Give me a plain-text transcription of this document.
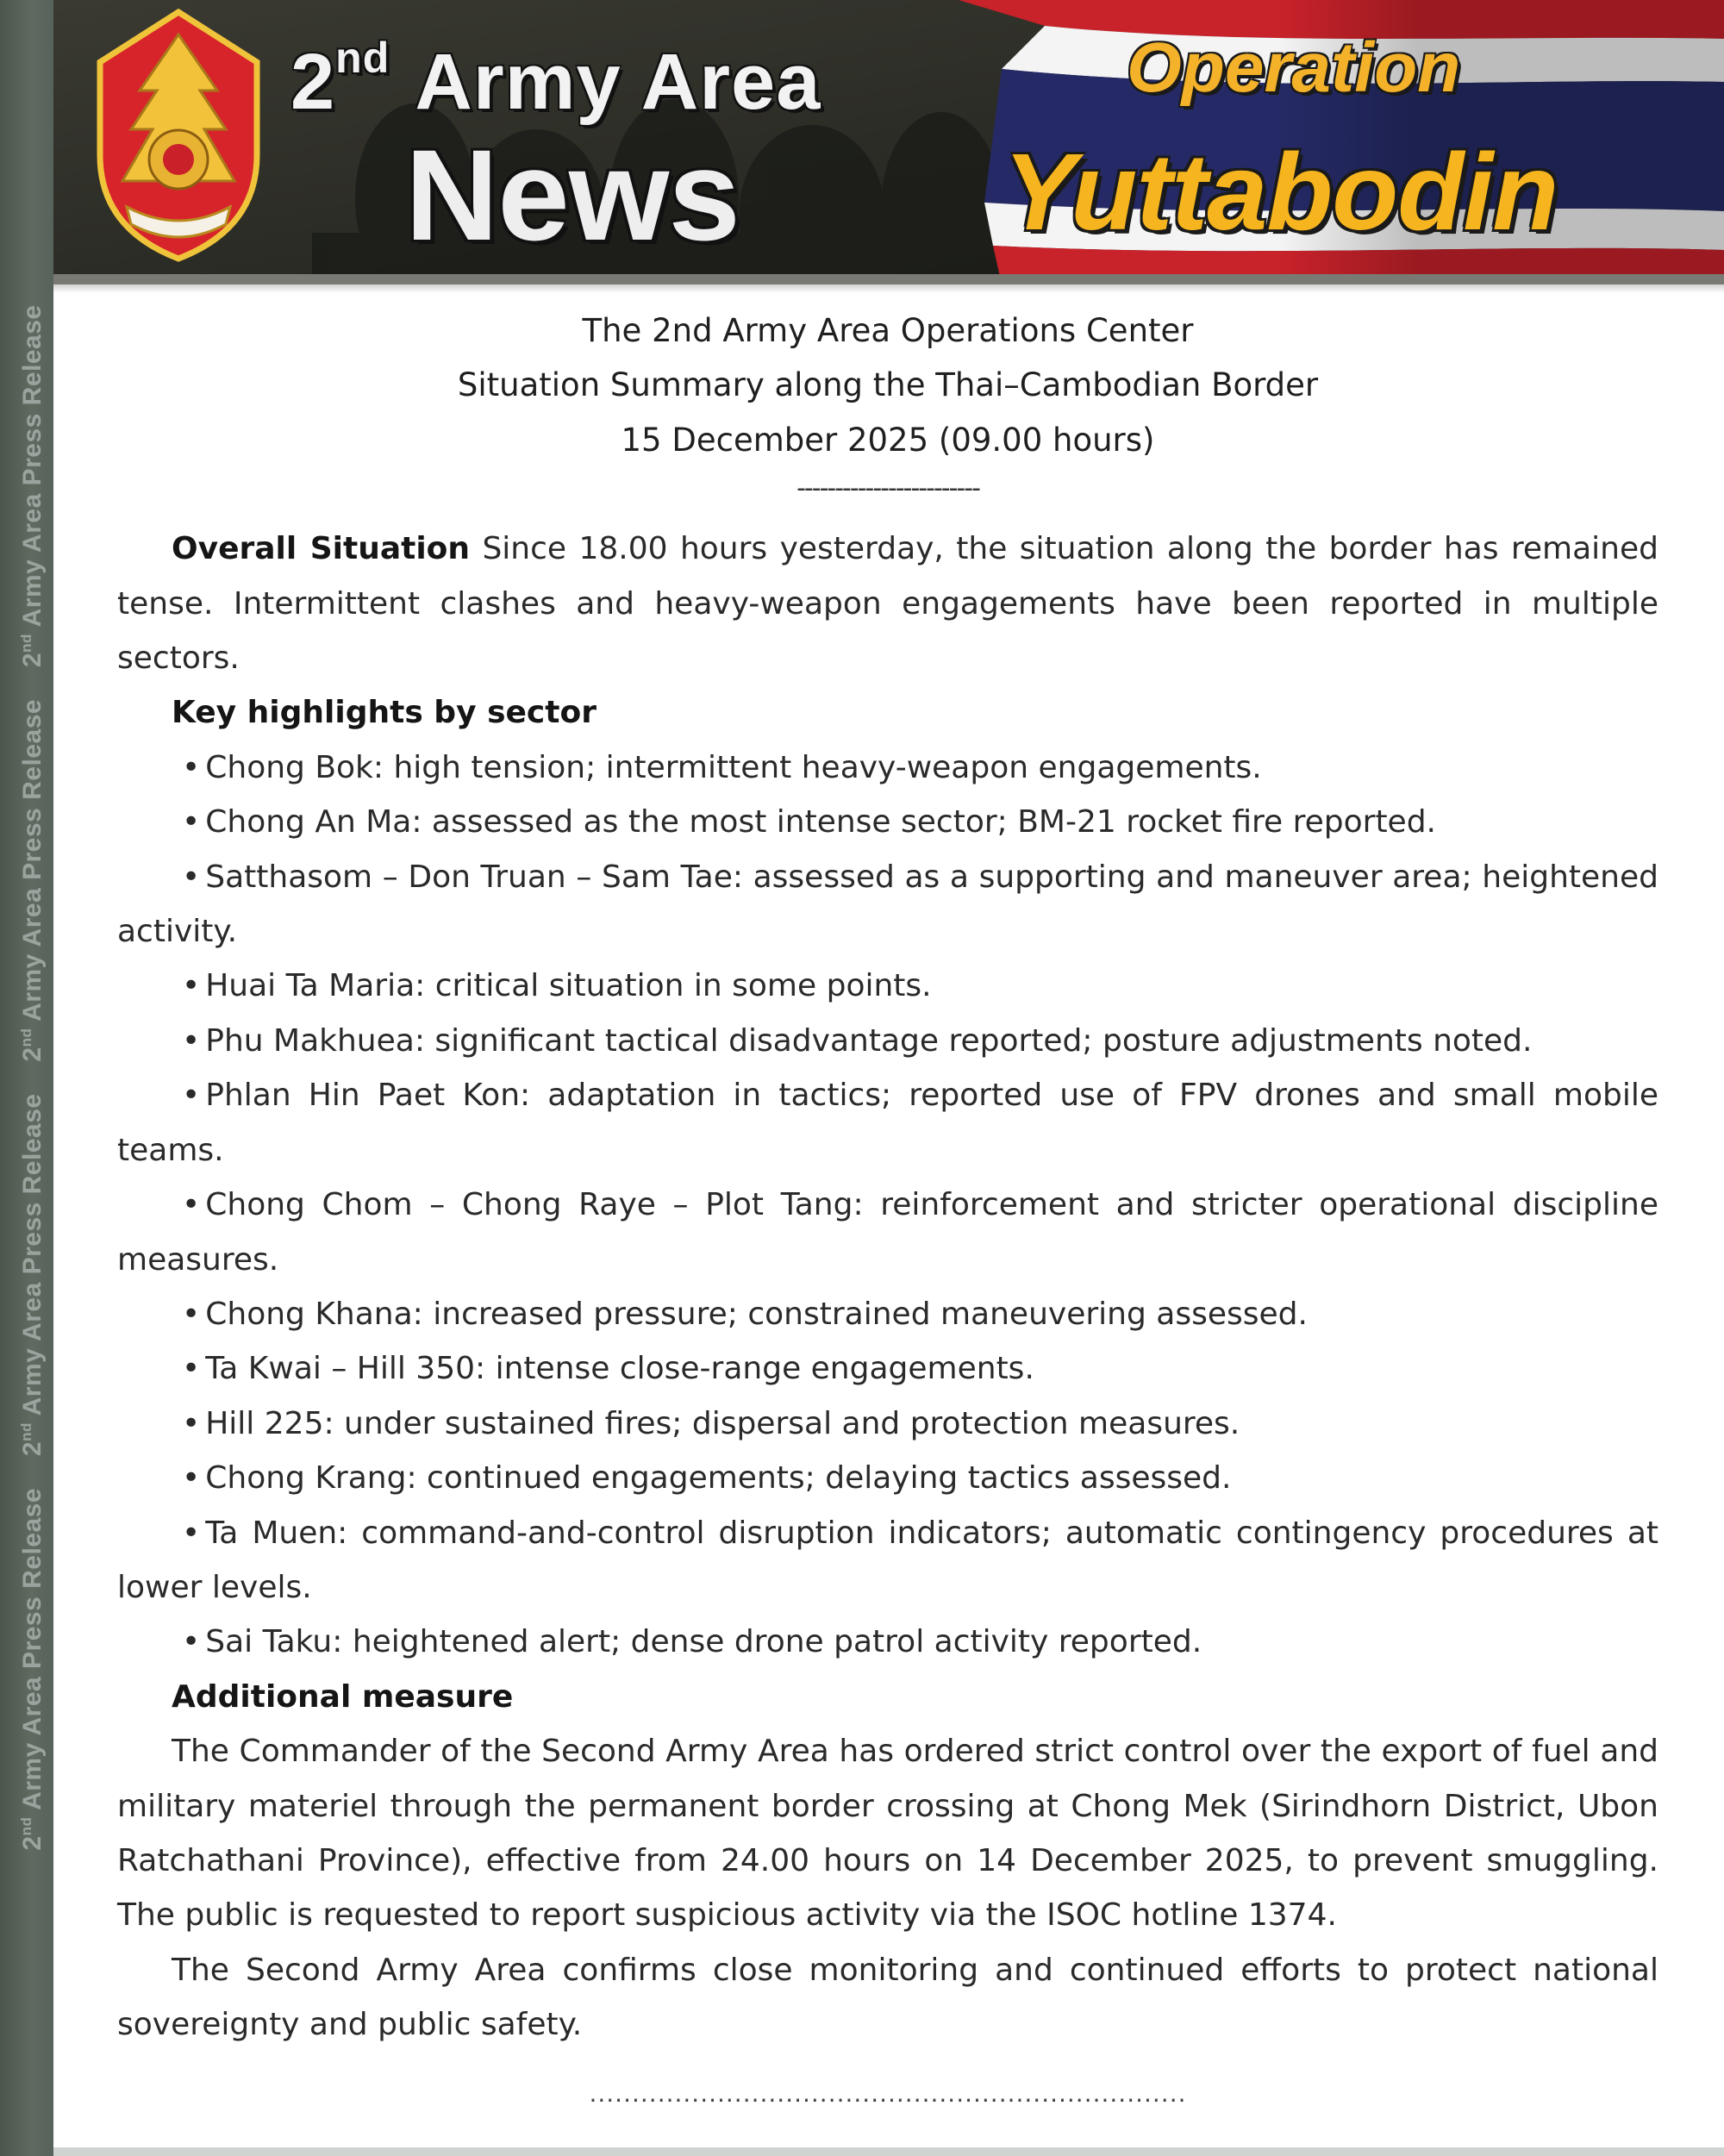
2nd Army Area Press Release 2nd Army Area Press Release 2nd Army Area Press Release 2nd Army Area Press Release
2nd Army Area
News
Operation
Yuttabodin
The 2nd Army Area Operations Center
Situation Summary along the Thai–Cambodian Border
15 December 2025 (09.00 hours)
------------------------

Overall Situation Since 18.00 hours yesterday, the situation along the border has remained tense. Intermittent clashes and heavy-weapon engagements have been reported in multiple sectors.

Key highlights by sector

• Chong Bok: high tension; intermittent heavy-weapon engagements.

• Chong An Ma: assessed as the most intense sector; BM-21 rocket fire reported.

• Satthasom – Don Truan – Sam Tae: assessed as a supporting and maneuver area; heightened activity.

• Huai Ta Maria: critical situation in some points.

• Phu Makhuea: significant tactical disadvantage reported; posture adjustments noted.

• Phlan Hin Paet Kon: adaptation in tactics; reported use of FPV drones and small mobile teams.

• Chong Chom – Chong Raye – Plot Tang: reinforcement and stricter operational discipline measures.

• Chong Khana: increased pressure; constrained maneuvering assessed.

• Ta Kwai – Hill 350: intense close-range engagements.

• Hill 225: under sustained fires; dispersal and protection measures.

• Chong Krang: continued engagements; delaying tactics assessed.

• Ta Muen: command-and-control disruption indicators; automatic contingency procedures at lower levels.

• Sai Taku: heightened alert; dense drone patrol activity reported.

Additional measure

The Commander of the Second Army Area has ordered strict control over the export of fuel and military materiel through the permanent border crossing at Chong Mek (Sirindhorn District, Ubon Ratchathani Province), effective from 24.00 hours on 14 December 2025, to prevent smuggling. The public is requested to report suspicious activity via the ISOC hotline 1374.

The Second Army Area confirms close monitoring and continued efforts to protect national sovereignty and public safety.

......................................................................
